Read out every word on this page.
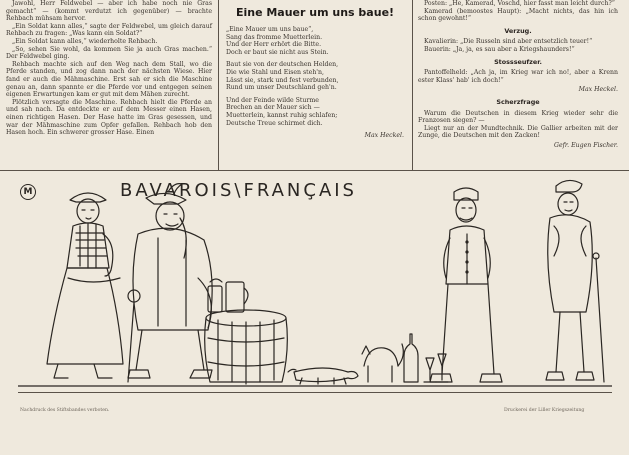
Jawohl, Herr Feldwebel — aber ich habe noch nie Gras gemacht“ — (kommt verdutzt ich gegenüber) — brachte Rehbach mühsam hervor.

„Ein Soldat kann alles,“ sagte der Feldwebel, um gleich darauf Rehbach zu fragen: „Was kann ein Soldat?“

„Ein Soldat kann alles,“ wiederholte Rehbach.

„So, sehen Sie wohl, da kommen Sie ja auch Gras machen.“ Der Feldwebel ging.

Rehbach machte sich auf den Weg nach dem Stall, wo die Pferde standen, und zog dann nach der nächsten Wiese. Hier fand er auch die Mähmaschine. Erst sah er sich die Maschine genau an, dann spannte er die Pferde vor und entgegen seinen eigenen Erwartungen kam er gut mit dem Mähen zurecht.

Plötzlich versagte die Maschine. Rehbach hielt die Pferde an und sah nach. Da entdeckte er auf dem Messer einen Hasen, einen richtigen Hasen. Der Hase hatte im Gras gesessen, und war der Mähmaschine zum Opfer gefallen. Rehbach hob den Hasen hoch. Ein schwerer grosser Hase. Einen

Eine Mauer um uns baue!

„Eine Mauer um uns baue“,

Sang das fromme Muetterlein.

Und der Herr erhört die Bitte.

Doch er baut sie nicht aus Stein.

Baut sie von der deutschen Helden,

Die wie Stahl und Eisen steh'n,

Lässt sie, stark und fest verbunden,

Rund um unser Deutschland geh'n.

Und der Feinde wilde Sturme

Brechen an der Mauer sich —

Muetterlein, kannst ruhig schlafen;

Deutsche Treue schirmet dich.

Max Heckel.

Posten: „He, Kamerad, Voschd, hier fasst man leicht durch?“

Kamerad (bemoostes Haupt): „Macht nichts, das hin ich schon gewohnt!“

Verzug.

Kavalierin: „Die Russeln sind aber entsetzlich teuer!“

Bauerin: „Ja, ja, es sau aber a Kriegshaunders!“

Stossseufzer.

Pantoffelheld: „Ach ja, im Krieg war ich no!, aber a Krenn ester Klass' hab' ich doch!“

Max Heckel.

Scherzfrage

Warum die Deutschen in diesem Krieg wieder sehr die Franzosen siegen? —

Liegt nur an der Mundtechnik. Die Gallier arbeiten mit der Zunge, die Deutschen mit den Zacken!

Gefr. Eugen Fischer.

M	BAVAROIS\FRANÇAIS
Nachdruck des Stiftsbandes verboten.	Druckerei der Liller Kriegszeitung
